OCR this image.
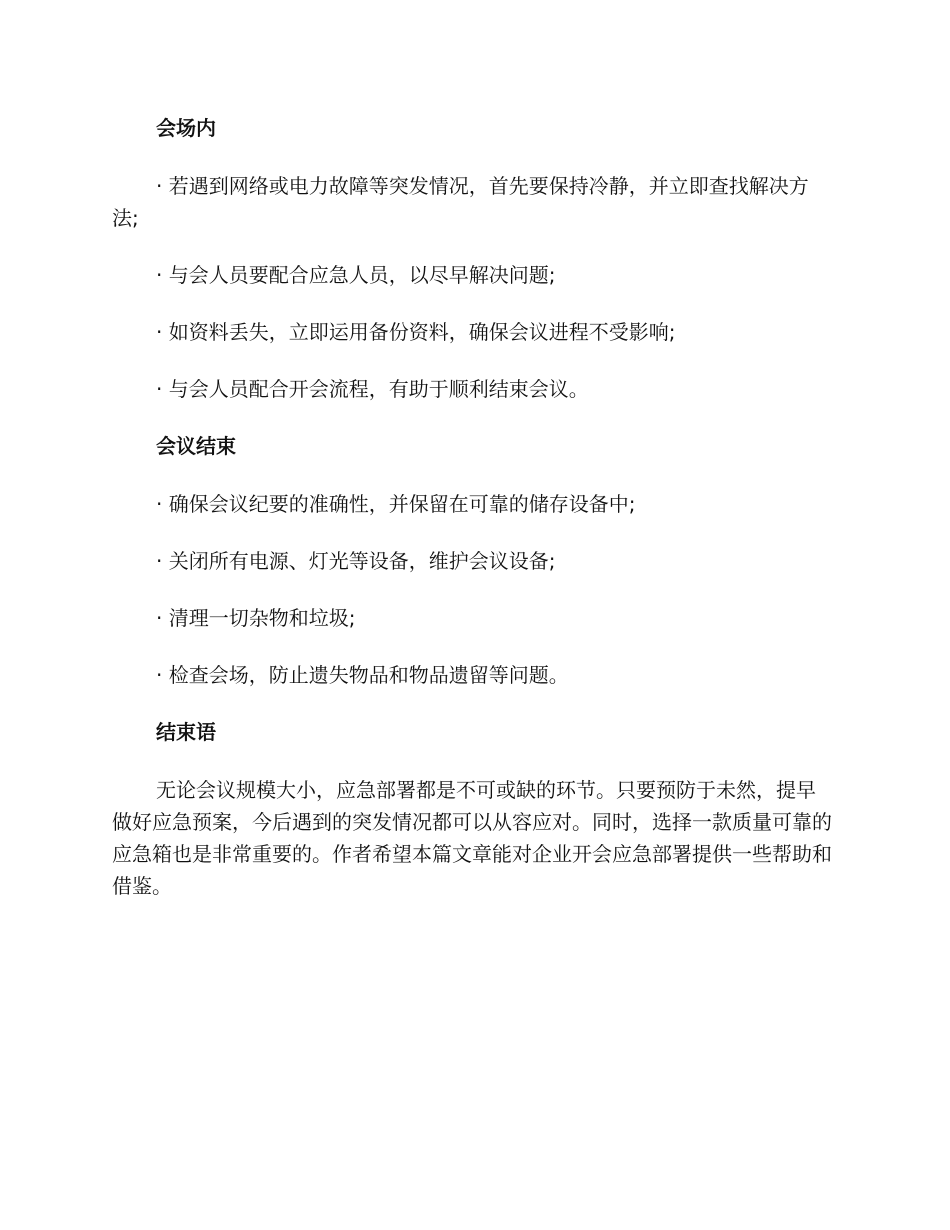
会场内

· 若遇到网络或电力故障等突发情况，首先要保持冷静，并立即查找解决方法;

· 与会人员要配合应急人员，以尽早解决问题;

· 如资料丢失，立即运用备份资料，确保会议进程不受影响;

· 与会人员配合开会流程，有助于顺利结束会议。

会议结束

· 确保会议纪要的准确性，并保留在可靠的储存设备中;

· 关闭所有电源、灯光等设备，维护会议设备;

· 清理一切杂物和垃圾;

· 检查会场，防止遗失物品和物品遗留等问题。

结束语

无论会议规模大小，应急部署都是不可或缺的环节。只要预防于未然，提早做好应急预案，今后遇到的突发情况都可以从容应对。同时，选择一款质量可靠的应急箱也是非常重要的。作者希望本篇文章能对企业开会应急部署提供一些帮助和借鉴。
